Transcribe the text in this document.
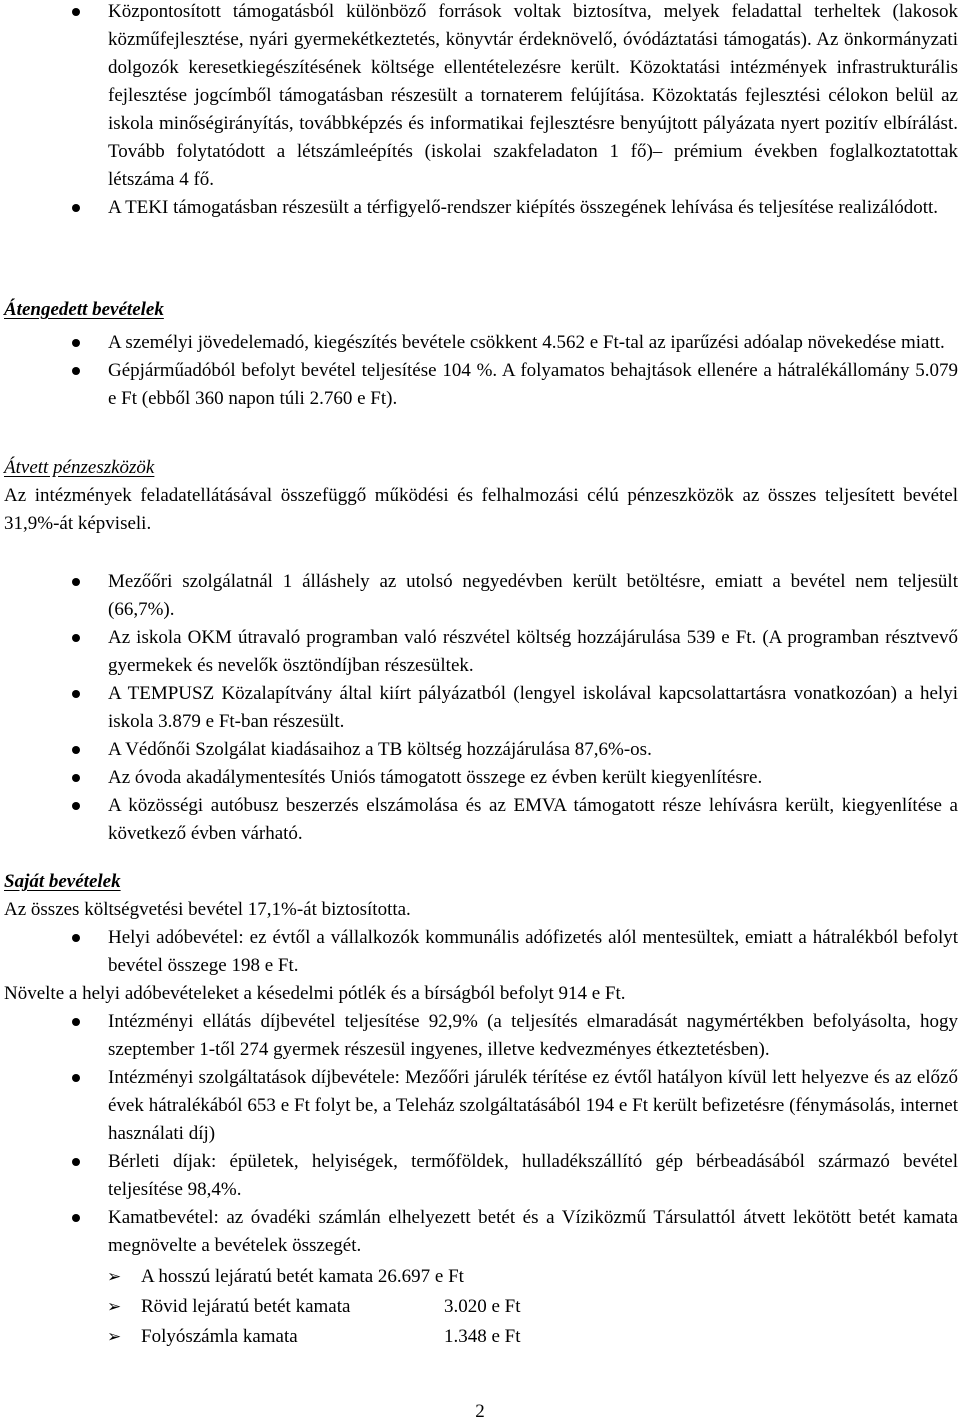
Központosított támogatásból különböző források voltak biztosítva, melyek feladattal terheltek (lakosok közműfejlesztése, nyári gyermekétkeztetés, könyvtár érdeknövelő, óvódáztatási támogatás). Az önkormányzati dolgozók keresetkiegészítésének költsége ellentételezésre került. Közoktatási intézmények infrastrukturális fejlesztése jogcímből támogatásban részesült a tornaterem felújítása. Közoktatás fejlesztési célokon belül az iskola minőségirányítás, továbbképzés és informatikai fejlesztésre benyújtott pályázata nyert pozitív elbírálást. Tovább folytatódott a létszámleépítés (iskolai szakfeladaton 1 fő)– prémium években foglalkoztatottak létszáma 4 fő.
A TEKI támogatásban részesült a térfigyelő-rendszer kiépítés összegének lehívása és teljesítése realizálódott.
Átengedett bevételek
A személyi jövedelemadó, kiegészítés bevétele csökkent 4.562 e Ft-tal az iparűzési adóalap növekedése miatt.
Gépjárműadóból befolyt bevétel teljesítése 104 %. A folyamatos behajtások ellenére a hátralékállomány 5.079 e Ft (ebből 360 napon túli 2.760 e Ft).
Átvett pénzeszközök

Az intézmények feladatellátásával összefüggő működési és felhalmozási célú pénzeszközök az összes teljesített bevétel 31,9%-át képviseli.

Mezőőri szolgálatnál 1 álláshely az utolsó negyedévben került betöltésre, emiatt a bevétel nem teljesült (66,7%).
Az iskola OKM útravaló programban való részvétel költség hozzájárulása 539 e Ft. (A programban résztvevő gyermekek és nevelők ösztöndíjban részesültek.
A TEMPUSZ Közalapítvány által kiírt pályázatból (lengyel iskolával kapcsolattartásra vonatkozóan) a helyi iskola 3.879 e Ft-ban részesült.
A Védőnői Szolgálat kiadásaihoz a TB költség hozzájárulása 87,6%-os.
Az óvoda akadálymentesítés Uniós támogatott összege ez évben került kiegyenlítésre.
A közösségi autóbusz beszerzés elszámolása és az EMVA támogatott része lehívásra került, kiegyenlítése a következő évben várható.
Saját bevételek

Az összes költségvetési bevétel 17,1%-át biztosította.

Helyi adóbevétel: ez évtől a vállalkozók kommunális adófizetés alól mentesültek, emiatt a hátralékból befolyt bevétel összege 198 e Ft.

Növelte a helyi adóbevételeket a késedelmi pótlék és a bírságból befolyt 914 e Ft.

Intézményi ellátás díjbevétel teljesítése 92,9% (a teljesítés elmaradását nagymértékben befolyásolta, hogy szeptember 1-től 274 gyermek részesül ingyenes, illetve kedvezményes étkeztetésben).
Intézményi szolgáltatások díjbevétele: Mezőőri járulék térítése ez évtől hatályon kívül lett helyezve és az előző évek hátralékából 653 e Ft folyt be, a Teleház szolgáltatásából 194 e Ft került befizetésre (fénymásolás, internet használati díj)
Bérleti díjak: épületek, helyiségek, termőföldek, hulladékszállító gép bérbeadásából származó bevétel teljesítése 98,4%.
Kamatbevétel: az óvadéki számlán elhelyezett betét és a Víziközmű Társulattól átvett lekötött betét kamata megnövelte a bevételek összegét.
➢ A hosszú lejáratú betét kamata 26.697 e Ft
➢ Rövid lejáratú betét kamata	3.020 e Ft
➢ Folyószámla kamata	1.348 e Ft
2
